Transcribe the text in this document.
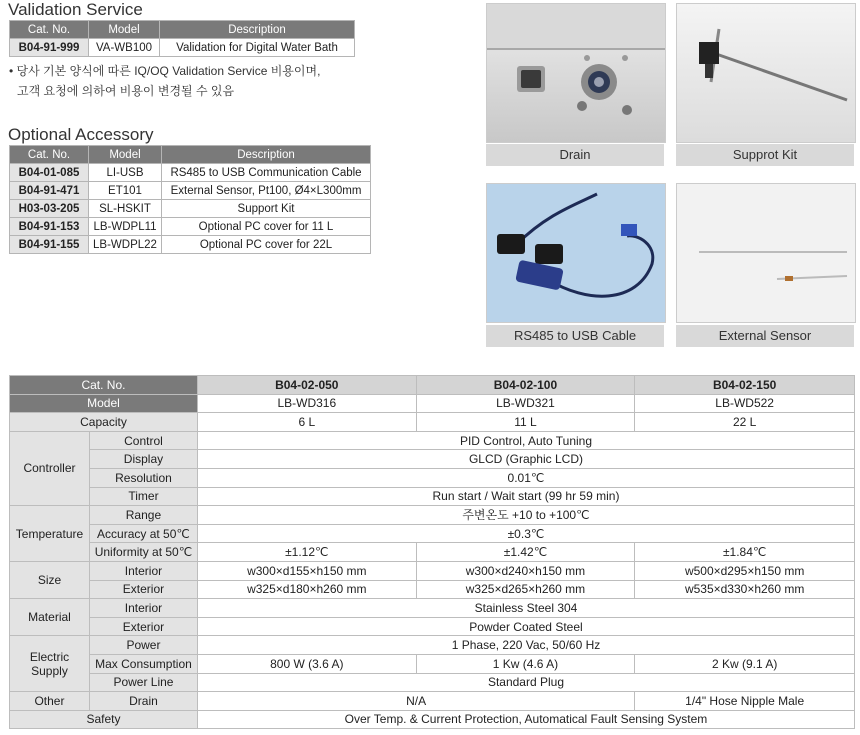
Validation Service
Cat. No.	Model	Description
B04-91-999	VA-WB100	Validation for Digital Water Bath
• 당사 기본 양식에 따른 IQ/OQ Validation Service 비용이며,
고객 요청에 의하여 비용이 변경될 수 있음
Optional Accessory
Cat. No.	Model	Description
B04-01-085	LI-USB	RS485 to USB Communication Cable
B04-91-471	ET101	External Sensor, Pt100, Ø4×L300mm
H03-03-205	SL-HSKIT	Support Kit
B04-91-153	LB-WDPL11	Optional PC cover for 11 L
B04-91-155	LB-WDPL22	Optional PC cover for 22L
Drain	Supprot Kit
RS485 to USB Cable	External Sensor
Cat. No.		B04-02-050	B04-02-100	B04-02-150
Model		LB-WD316	LB-WD321	LB-WD522
Capacity		6 L	11 L	22 L
Controller	Control	PID Control, Auto Tuning		
	Display	GLCD (Graphic LCD)		
	Resolution	0.01℃		
	Timer	Run start / Wait start (99 hr 59 min)		
Temperature	Range	주변온도 +10 to +100℃		
	Accuracy at 50℃	±0.3℃		
	Uniformity at 50℃	±1.12℃	±1.42℃	±1.84℃
Size	Interior	w300×d155×h150 mm	w300×d240×h150 mm	w500×d295×h150 mm
	Exterior	w325×d180×h260 mm	w325×d265×h260 mm	w535×d330×h260 mm
Material	Interior	Stainless Steel 304		
	Exterior	Powder Coated Steel		
Electric Supply	Power	1 Phase, 220 Vac, 50/60 Hz		
	Max Consumption	800 W (3.6 A)	1 Kw (4.6 A)	2 Kw (9.1 A)
	Power Line	Standard Plug		
Other	Drain	N/A		1/4" Hose Nipple Male
Safety		Over Temp. & Current Protection, Automatical Fault Sensing System		
